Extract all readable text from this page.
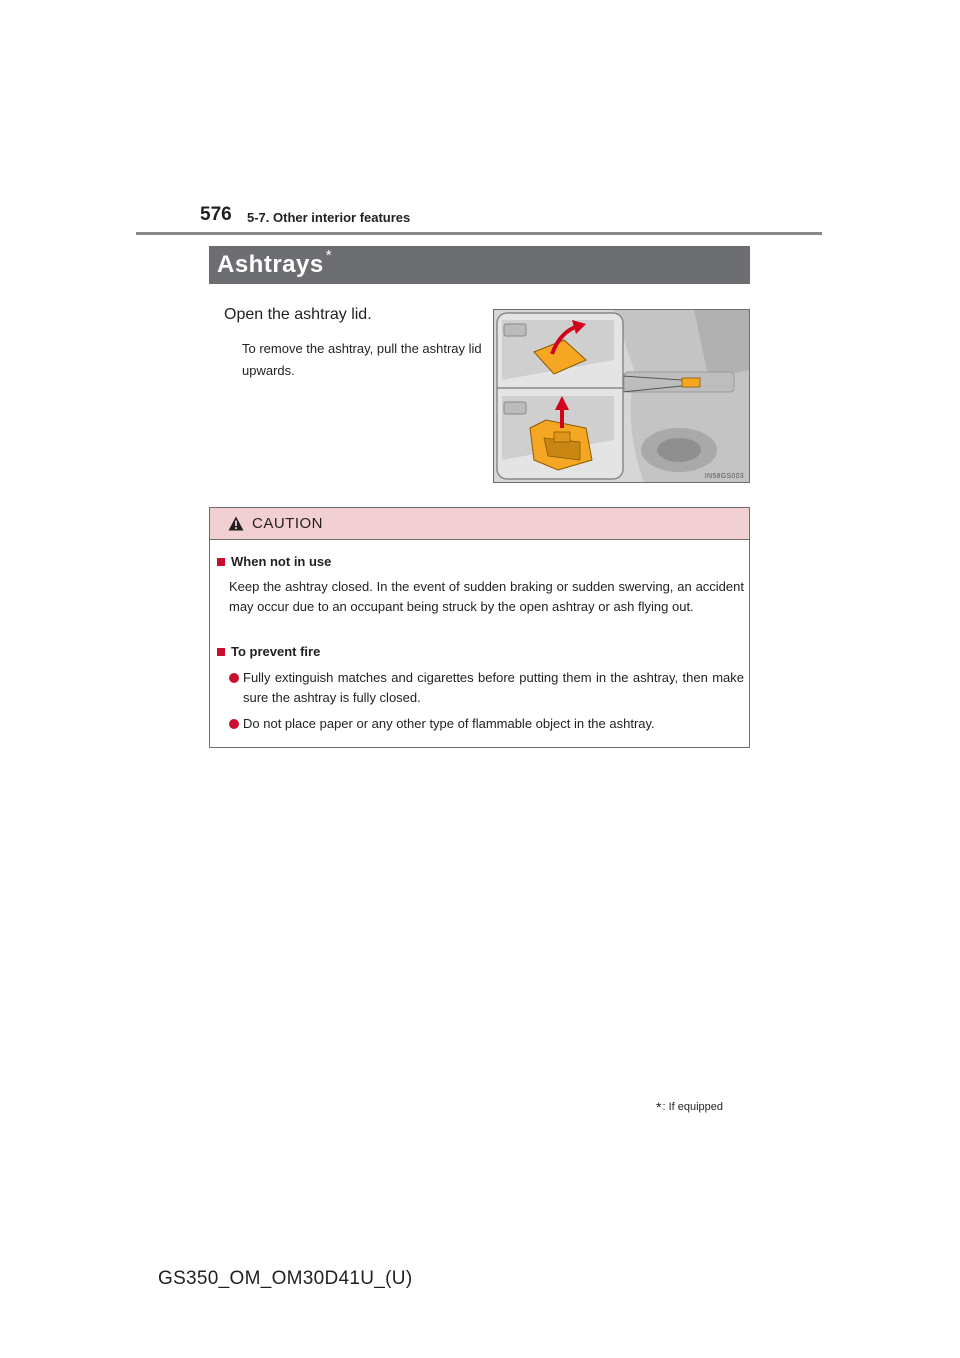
576 5-7. Other interior features
Ashtrays *
Open the ashtray lid.
To remove the ashtray, pull the ashtray lid upwards.
IN58GS003
CAUTION
When not in use
Keep the ashtray closed. In the event of sudden braking or sudden swerving, an accident may occur due to an occupant being struck by the open ashtray or ash flying out.
To prevent fire
Fully extinguish matches and cigarettes before putting them in the ashtray, then make sure the ashtray is fully closed.
Do not place paper or any other type of flammable object in the ashtray.
* : If equipped
GS350_OM_OM30D41U_(U)
